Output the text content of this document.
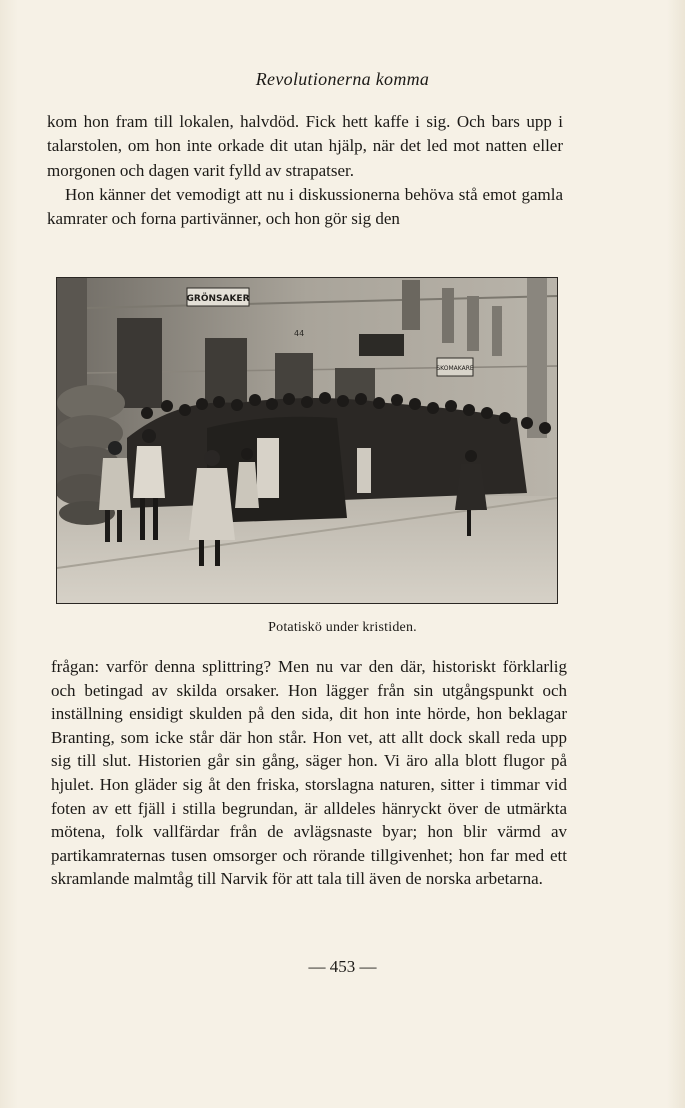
Revolutionerna komma

kom hon fram till lokalen, halvdöd. Fick hett kaffe i sig. Och bars upp i talarstolen, om hon inte orkade dit utan hjälp, när det led mot natten eller morgonen och dagen varit fylld av strapatser.

Hon känner det vemodigt att nu i diskussionerna behöva stå emot gamla kamrater och forna partivänner, och hon gör sig den

GRÖNSAKER
SKOMAKARE
44
Potatiskö under kristiden.

frågan: varför denna splittring? Men nu var den där, historiskt förklarlig och betingad av skilda orsaker. Hon lägger från sin utgångspunkt och inställning ensidigt skulden på den sida, dit hon inte hörde, hon beklagar Branting, som icke står där hon står. Hon vet, att allt dock skall reda upp sig till slut. Historien går sin gång, säger hon. Vi äro alla blott flugor på hjulet. Hon gläder sig åt den friska, storslagna naturen, sitter i timmar vid foten av ett fjäll i stilla begrundan, är alldeles hänryckt över de utmärkta mötena, folk vallfärdar från de avlägsnaste byar; hon blir värmd av partikamraternas tusen omsorger och rörande tillgivenhet; hon far med ett skramlande malmtåg till Narvik för att tala till även de norska arbetarna.

— 453 —
